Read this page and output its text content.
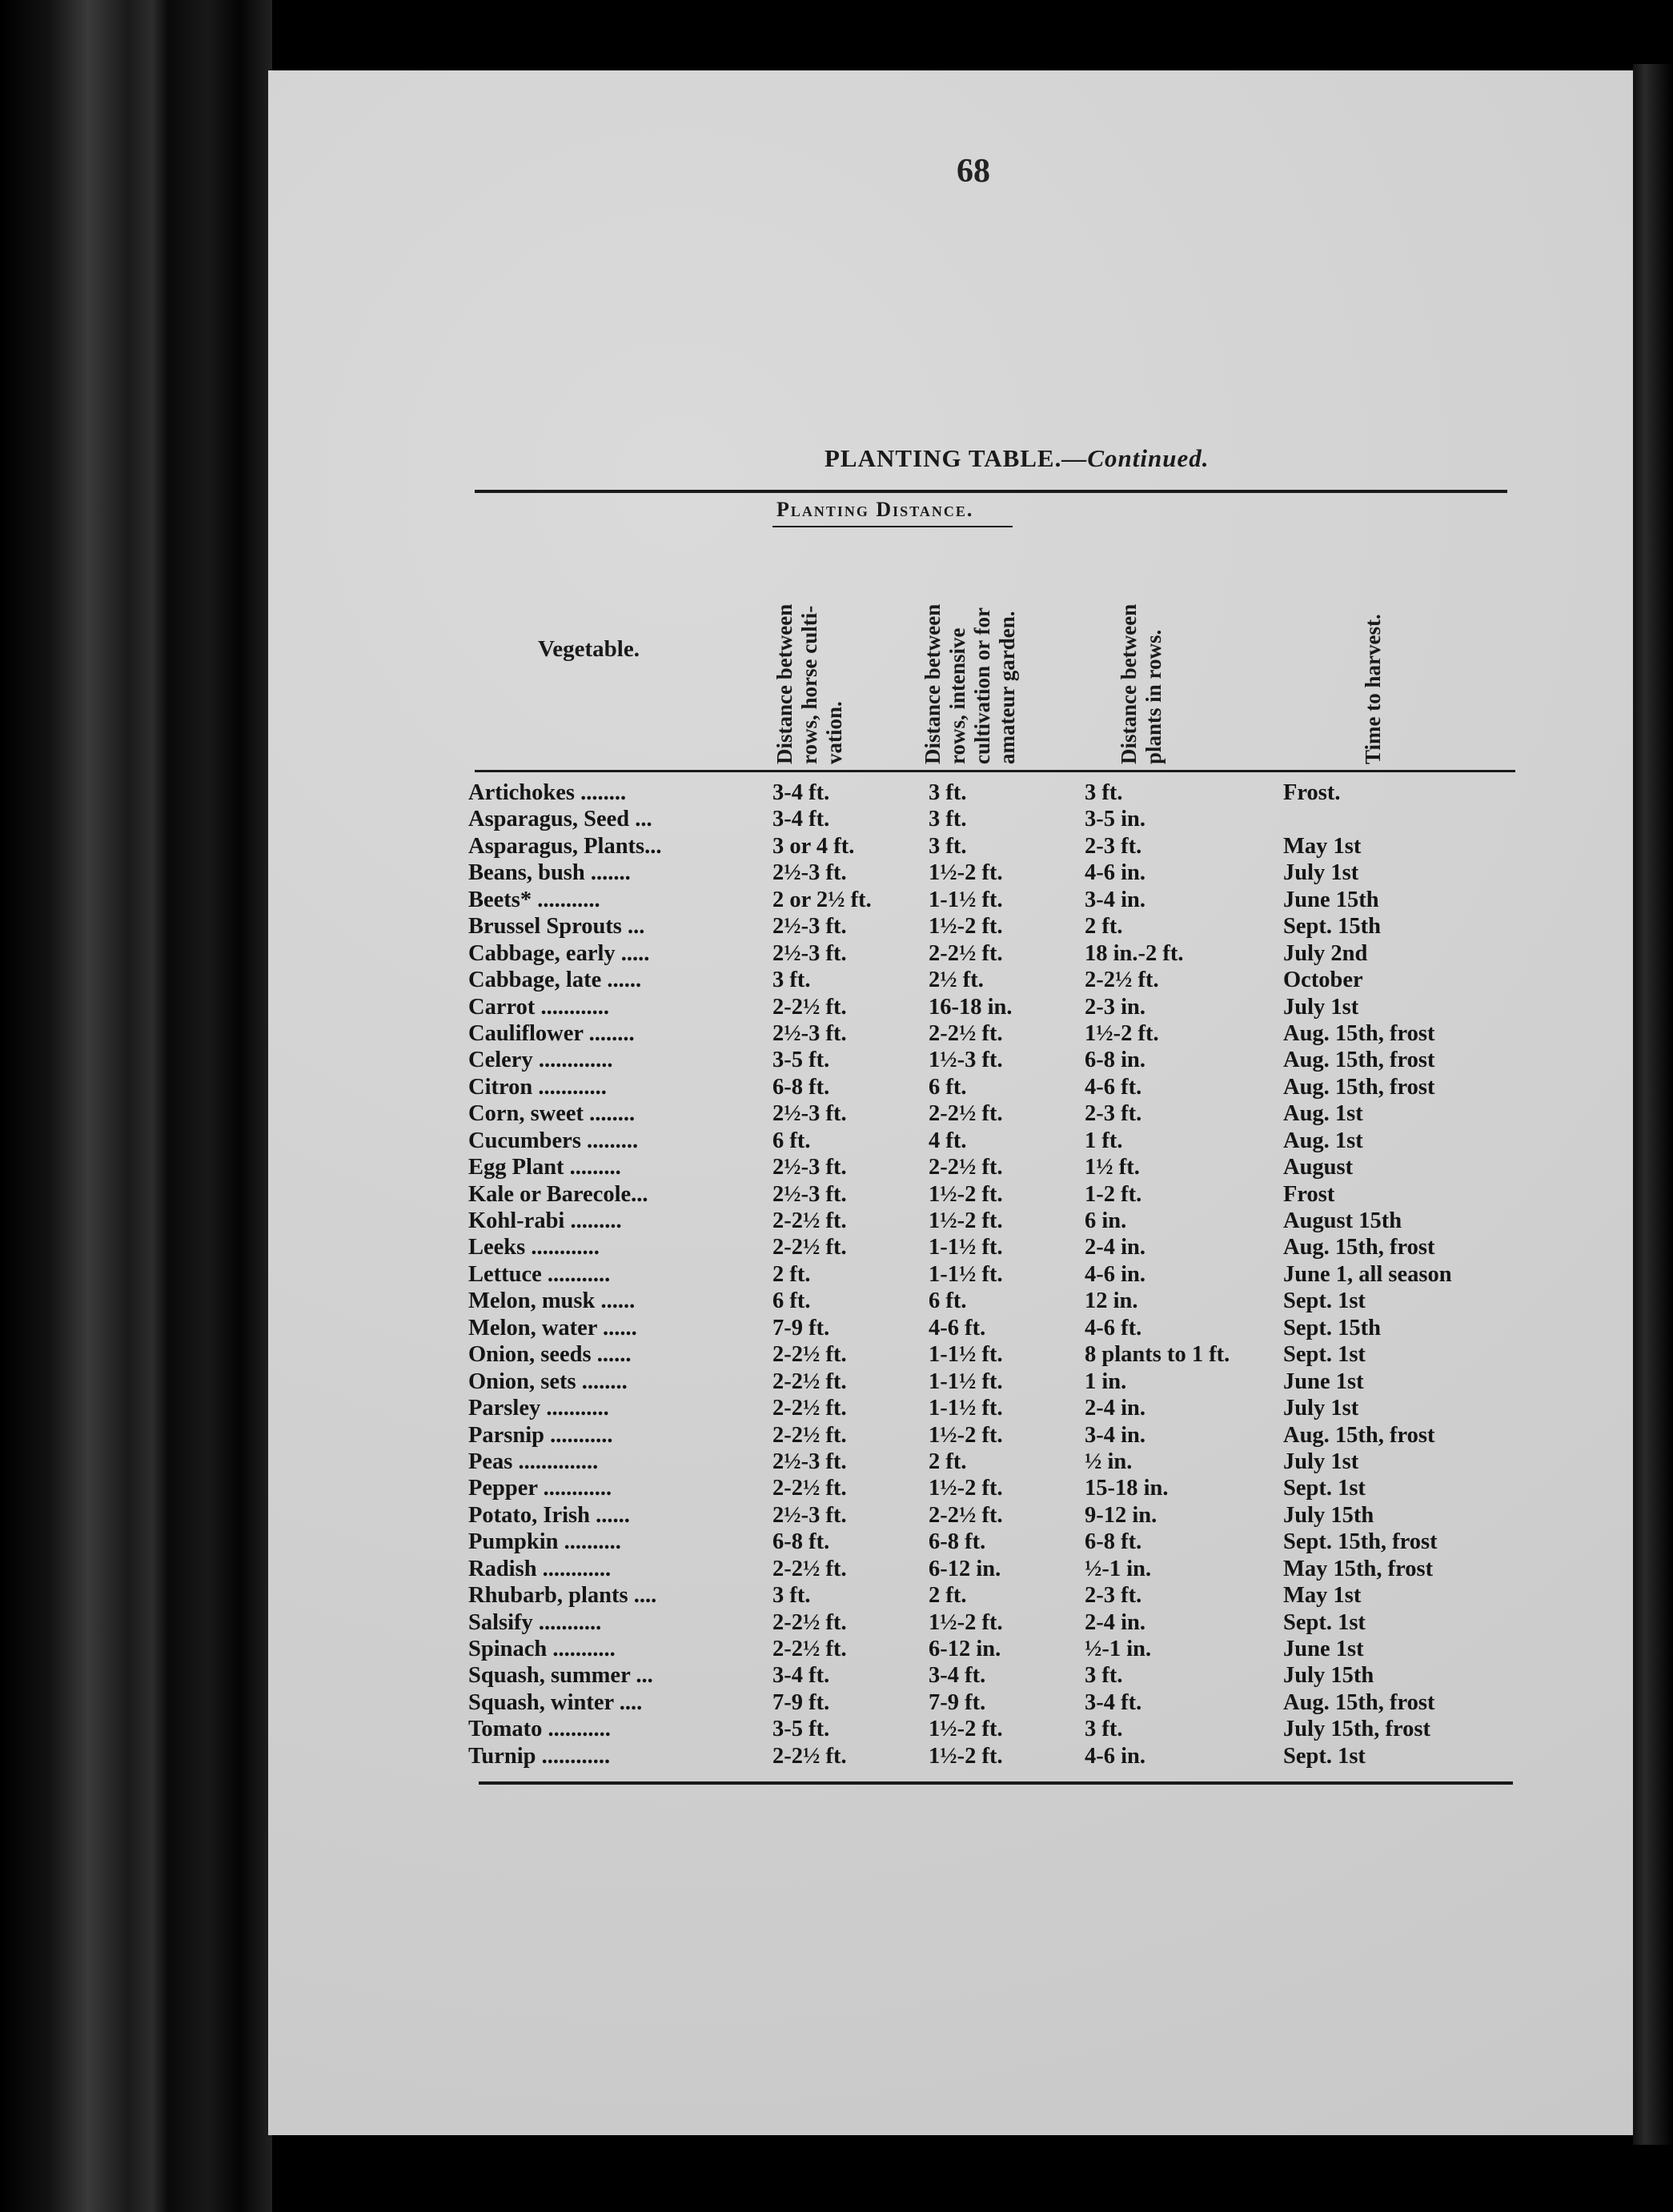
68
PLANTING TABLE.—Continued.
Planting Distance.
Vegetable.
Distance between
rows, horse culti-
vation.	Distance between
rows, intensive
cultivation or for
amateur garden.
Distance between
plants in rows.	Time to harvest.
Artichokes ........	3-4 ft.	3 ft.	3 ft.	Frost.
Asparagus, Seed ...	3-4 ft.	3 ft.	3-5 in.
Asparagus, Plants...	3 or 4 ft.	3 ft.	2-3 ft.	May 1st
Beans, bush .......	2½-3 ft.	1½-2 ft.	4-6 in.	July 1st
Beets* ...........	2 or 2½ ft.	1-1½ ft.	3-4 in.	June 15th
Brussel Sprouts ...	2½-3 ft.	1½-2 ft.	2 ft.	Sept. 15th
Cabbage, early .....	2½-3 ft.	2-2½ ft.	18 in.-2 ft.	July 2nd
Cabbage, late ......	3 ft.	2½ ft.	2-2½ ft.	October
Carrot ............	2-2½ ft.	16-18 in.	2-3 in.	July 1st
Cauliflower ........	2½-3 ft.	2-2½ ft.	1½-2 ft.	Aug. 15th, frost
Celery .............	3-5 ft.	1½-3 ft.	6-8 in.	Aug. 15th, frost
Citron ............	6-8 ft.	6 ft.	4-6 ft.	Aug. 15th, frost
Corn, sweet ........	2½-3 ft.	2-2½ ft.	2-3 ft.	Aug. 1st
Cucumbers .........	6 ft.	4 ft.	1 ft.	Aug. 1st
Egg Plant .........	2½-3 ft.	2-2½ ft.	1½ ft.	August
Kale or Barecole...	2½-3 ft.	1½-2 ft.	1-2 ft.	Frost
Kohl-rabi .........	2-2½ ft.	1½-2 ft.	6 in.	August 15th
Leeks ............	2-2½ ft.	1-1½ ft.	2-4 in.	Aug. 15th, frost
Lettuce ...........	2 ft.	1-1½ ft.	4-6 in.	June 1, all season
Melon, musk ......	6 ft.	6 ft.	12 in.	Sept. 1st
Melon, water ......	7-9 ft.	4-6 ft.	4-6 ft.	Sept. 15th
Onion, seeds ......	2-2½ ft.	1-1½ ft.	8 plants to 1 ft. Sept. 1st
Onion, sets ........	2-2½ ft.	1-1½ ft.	1 in.	June 1st
Parsley ...........	2-2½ ft.	1-1½ ft.	2-4 in.	July 1st
Parsnip ...........	2-2½ ft.	1½-2 ft.	3-4 in.	Aug. 15th, frost
Peas ..............	2½-3 ft.	2 ft.	½ in.	July 1st
Pepper ............	2-2½ ft.	1½-2 ft.	15-18 in.	Sept. 1st
Potato, Irish ......	2½-3 ft.	2-2½ ft.	9-12 in.	July 15th
Pumpkin ..........	6-8 ft.	6-8 ft.	6-8 ft.	Sept. 15th, frost
Radish ............	2-2½ ft.	6-12 in.	½-1 in.	May 15th, frost
Rhubarb, plants ....	3 ft.	2 ft.	2-3 ft.	May 1st
Salsify ...........	2-2½ ft.	1½-2 ft.	2-4 in.	Sept. 1st
Spinach ...........	2-2½ ft.	6-12 in.	½-1 in.	June 1st
Squash, summer ...	3-4 ft.	3-4 ft.	3 ft.	July 15th
Squash, winter ....	7-9 ft.	7-9 ft.	3-4 ft.	Aug. 15th, frost
Tomato ...........	3-5 ft.	1½-2 ft.	3 ft.	July 15th, frost
Turnip ............	2-2½ ft.	1½-2 ft.	4-6 in.	Sept. 1st
